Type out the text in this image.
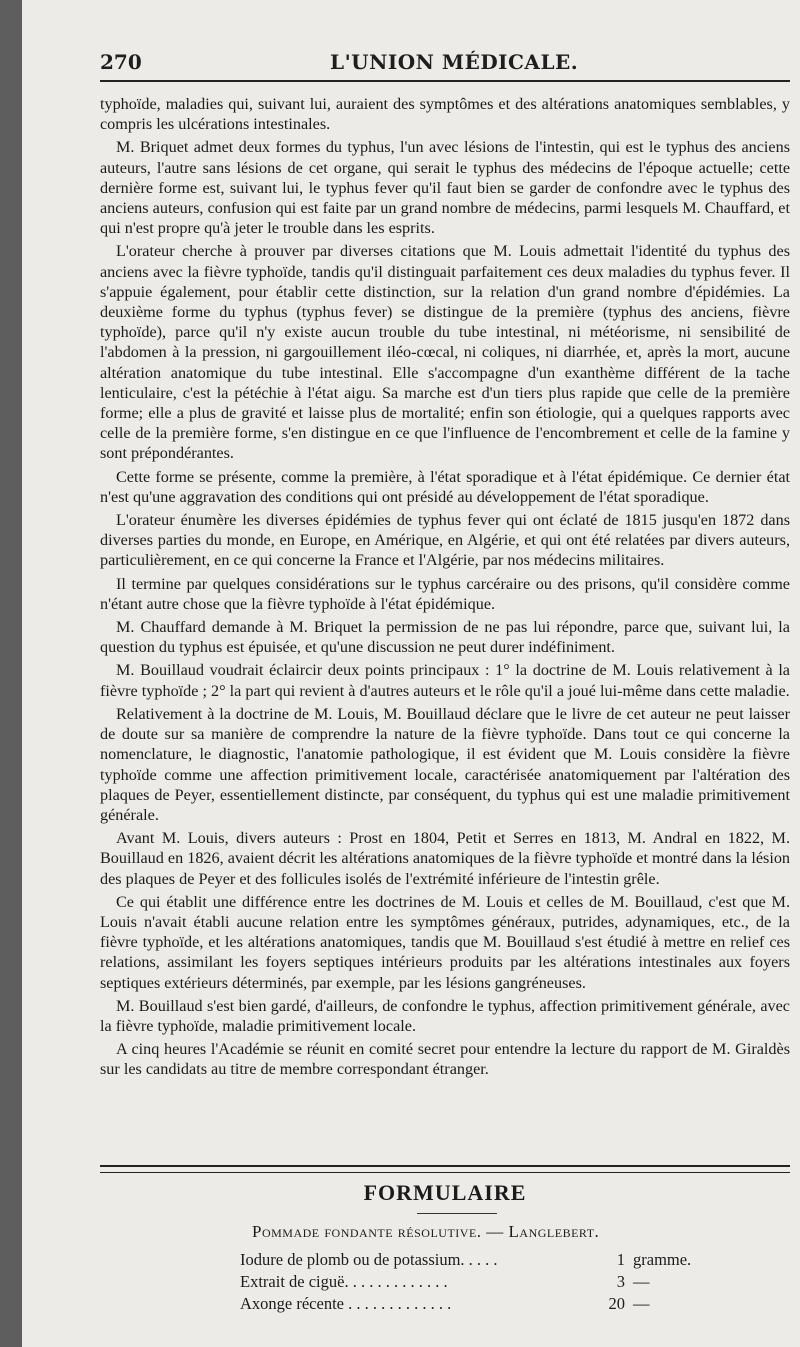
270	L'UNION MÉDICALE.

typhoïde, maladies qui, suivant lui, auraient des symptômes et des altérations anatomiques semblables, y compris les ulcérations intestinales.

M. Briquet admet deux formes du typhus, l'un avec lésions de l'intestin, qui est le typhus des anciens auteurs, l'autre sans lésions de cet organe, qui serait le typhus des médecins de l'époque actuelle; cette dernière forme est, suivant lui, le typhus fever qu'il faut bien se garder de confondre avec le typhus des anciens auteurs, confusion qui est faite par un grand nombre de médecins, parmi lesquels M. Chauffard, et qui n'est propre qu'à jeter le trouble dans les esprits.

L'orateur cherche à prouver par diverses citations que M. Louis admettait l'identité du typhus des anciens avec la fièvre typhoïde, tandis qu'il distinguait parfaitement ces deux maladies du typhus fever. Il s'appuie également, pour établir cette distinction, sur la relation d'un grand nombre d'épidémies. La deuxième forme du typhus (typhus fever) se distingue de la première (typhus des anciens, fièvre typhoïde), parce qu'il n'y existe aucun trouble du tube intestinal, ni météorisme, ni sensibilité de l'abdomen à la pression, ni gargouillement iléo-cœcal, ni coliques, ni diarrhée, et, après la mort, aucune altération anatomique du tube intestinal. Elle s'accompagne d'un exanthème différent de la tache lenticulaire, c'est la pétéchie à l'état aigu. Sa marche est d'un tiers plus rapide que celle de la première forme; elle a plus de gravité et laisse plus de mortalité; enfin son étiologie, qui a quelques rapports avec celle de la première forme, s'en distingue en ce que l'influence de l'encombrement et celle de la famine y sont prépondérantes.

Cette forme se présente, comme la première, à l'état sporadique et à l'état épidémique. Ce dernier état n'est qu'une aggravation des conditions qui ont présidé au développement de l'état sporadique.

L'orateur énumère les diverses épidémies de typhus fever qui ont éclaté de 1815 jusqu'en 1872 dans diverses parties du monde, en Europe, en Amérique, en Algérie, et qui ont été relatées par divers auteurs, particulièrement, en ce qui concerne la France et l'Algérie, par nos médecins militaires.

Il termine par quelques considérations sur le typhus carcéraire ou des prisons, qu'il considère comme n'étant autre chose que la fièvre typhoïde à l'état épidémique.

M. Chauffard demande à M. Briquet la permission de ne pas lui répondre, parce que, suivant lui, la question du typhus est épuisée, et qu'une discussion ne peut durer indéfiniment.

M. Bouillaud voudrait éclaircir deux points principaux : 1° la doctrine de M. Louis relativement à la fièvre typhoïde ; 2° la part qui revient à d'autres auteurs et le rôle qu'il a joué lui-même dans cette maladie.

Relativement à la doctrine de M. Louis, M. Bouillaud déclare que le livre de cet auteur ne peut laisser de doute sur sa manière de comprendre la nature de la fièvre typhoïde. Dans tout ce qui concerne la nomenclature, le diagnostic, l'anatomie pathologique, il est évident que M. Louis considère la fièvre typhoïde comme une affection primitivement locale, caractérisée anatomiquement par l'altération des plaques de Peyer, essentiellement distincte, par conséquent, du typhus qui est une maladie primitivement générale.

Avant M. Louis, divers auteurs : Prost en 1804, Petit et Serres en 1813, M. Andral en 1822, M. Bouillaud en 1826, avaient décrit les altérations anatomiques de la fièvre typhoïde et montré dans la lésion des plaques de Peyer et des follicules isolés de l'extrémité inférieure de l'intestin grêle.

Ce qui établit une différence entre les doctrines de M. Louis et celles de M. Bouillaud, c'est que M. Louis n'avait établi aucune relation entre les symptômes généraux, putrides, adynamiques, etc., de la fièvre typhoïde, et les altérations anatomiques, tandis que M. Bouillaud s'est étudié à mettre en relief ces relations, assimilant les foyers septiques intérieurs produits par les altérations intestinales aux foyers septiques extérieurs déterminés, par exemple, par les lésions gangréneuses.

M. Bouillaud s'est bien gardé, d'ailleurs, de confondre le typhus, affection primitivement générale, avec la fièvre typhoïde, maladie primitivement locale.

A cinq heures l'Académie se réunit en comité secret pour entendre la lecture du rapport de M. Giraldès sur les candidats au titre de membre correspondant étranger.

FORMULAIRE
Pommade fondante résolutive. — Langlebert.
Iodure de plomb ou de potassium. . . . .	1 gramme.
Extrait de ciguë. . . . . . . . . . . . .	3 —
Axonge récente . . . . . . . . . . . . .	20 —
